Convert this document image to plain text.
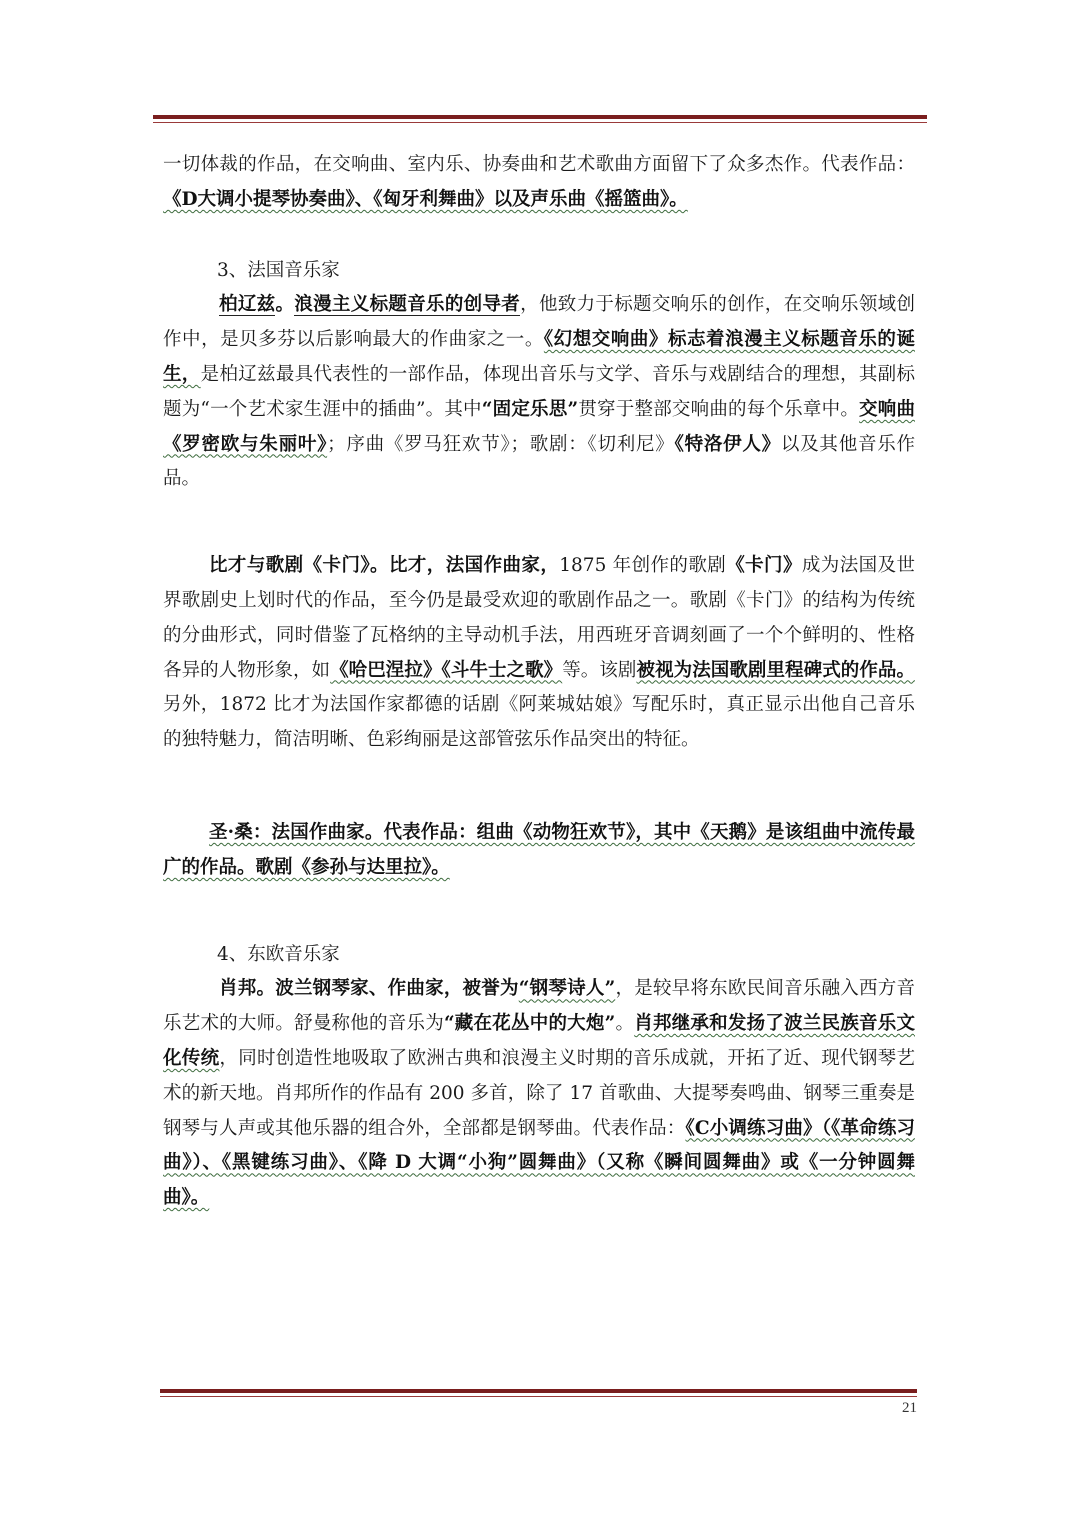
一切体裁的作品，在交响曲、室内乐、协奏曲和艺术歌曲方面留下了众多杰作。代表作品： 《D大调小提琴协奏曲》、《匈牙利舞曲》以及声乐曲《摇篮曲》。

3、法国音乐家

柏辽兹。浪漫主义标题音乐的创导者，他致力于标题交响乐的创作，在交响乐领域创作中，是贝多芬以后影响最大的作曲家之一。《幻想交响曲》标志着浪漫主义标题音乐的诞生，是柏辽兹最具代表性的一部作品，体现出音乐与文学、音乐与戏剧结合的理想，其副标题为“一个艺术家生涯中的插曲”。其中“固定乐思”贯穿于整部交响曲的每个乐章中。交响曲《罗密欧与朱丽叶》；序曲《罗马狂欢节》；歌剧：《切利尼》《特洛伊人》以及其他音乐作品。

比才与歌剧《卡门》。比才，法国作曲家，1875 年创作的歌剧《卡门》成为法国及世界歌剧史上划时代的作品，至今仍是最受欢迎的歌剧作品之一。歌剧《卡门》的结构为传统的分曲形式，同时借鉴了瓦格纳的主导动机手法，用西班牙音调刻画了一个个鲜明的、性格各异的人物形象，如《哈巴涅拉》《斗牛士之歌》等。该剧被视为法国歌剧里程碑式的作品。另外，1872 比才为法国作家都德的话剧《阿莱城姑娘》写配乐时，真正显示出他自己音乐的独特魅力，简洁明晰、色彩绚丽是这部管弦乐作品突出的特征。

圣·桑：法国作曲家。代表作品：组曲《动物狂欢节》，其中《天鹅》是该组曲中流传最广的作品。歌剧《参孙与达里拉》。

4、东欧音乐家

肖邦。波兰钢琴家、作曲家，被誉为“钢琴诗人”，是较早将东欧民间音乐融入西方音乐艺术的大师。舒曼称他的音乐为“藏在花丛中的大炮”。肖邦继承和发扬了波兰民族音乐文化传统，同时创造性地吸取了欧洲古典和浪漫主义时期的音乐成就，开拓了近、现代钢琴艺术的新天地。肖邦所作的作品有 200 多首，除了 17 首歌曲、大提琴奏鸣曲、钢琴三重奏是钢琴与人声或其他乐器的组合外，全部都是钢琴曲。代表作品：《C小调练习曲》（《革命练习曲》）、《黑键练习曲》、《降 D 大调“小狗”圆舞曲》（又称《瞬间圆舞曲》或《一分钟圆舞曲》。

21
